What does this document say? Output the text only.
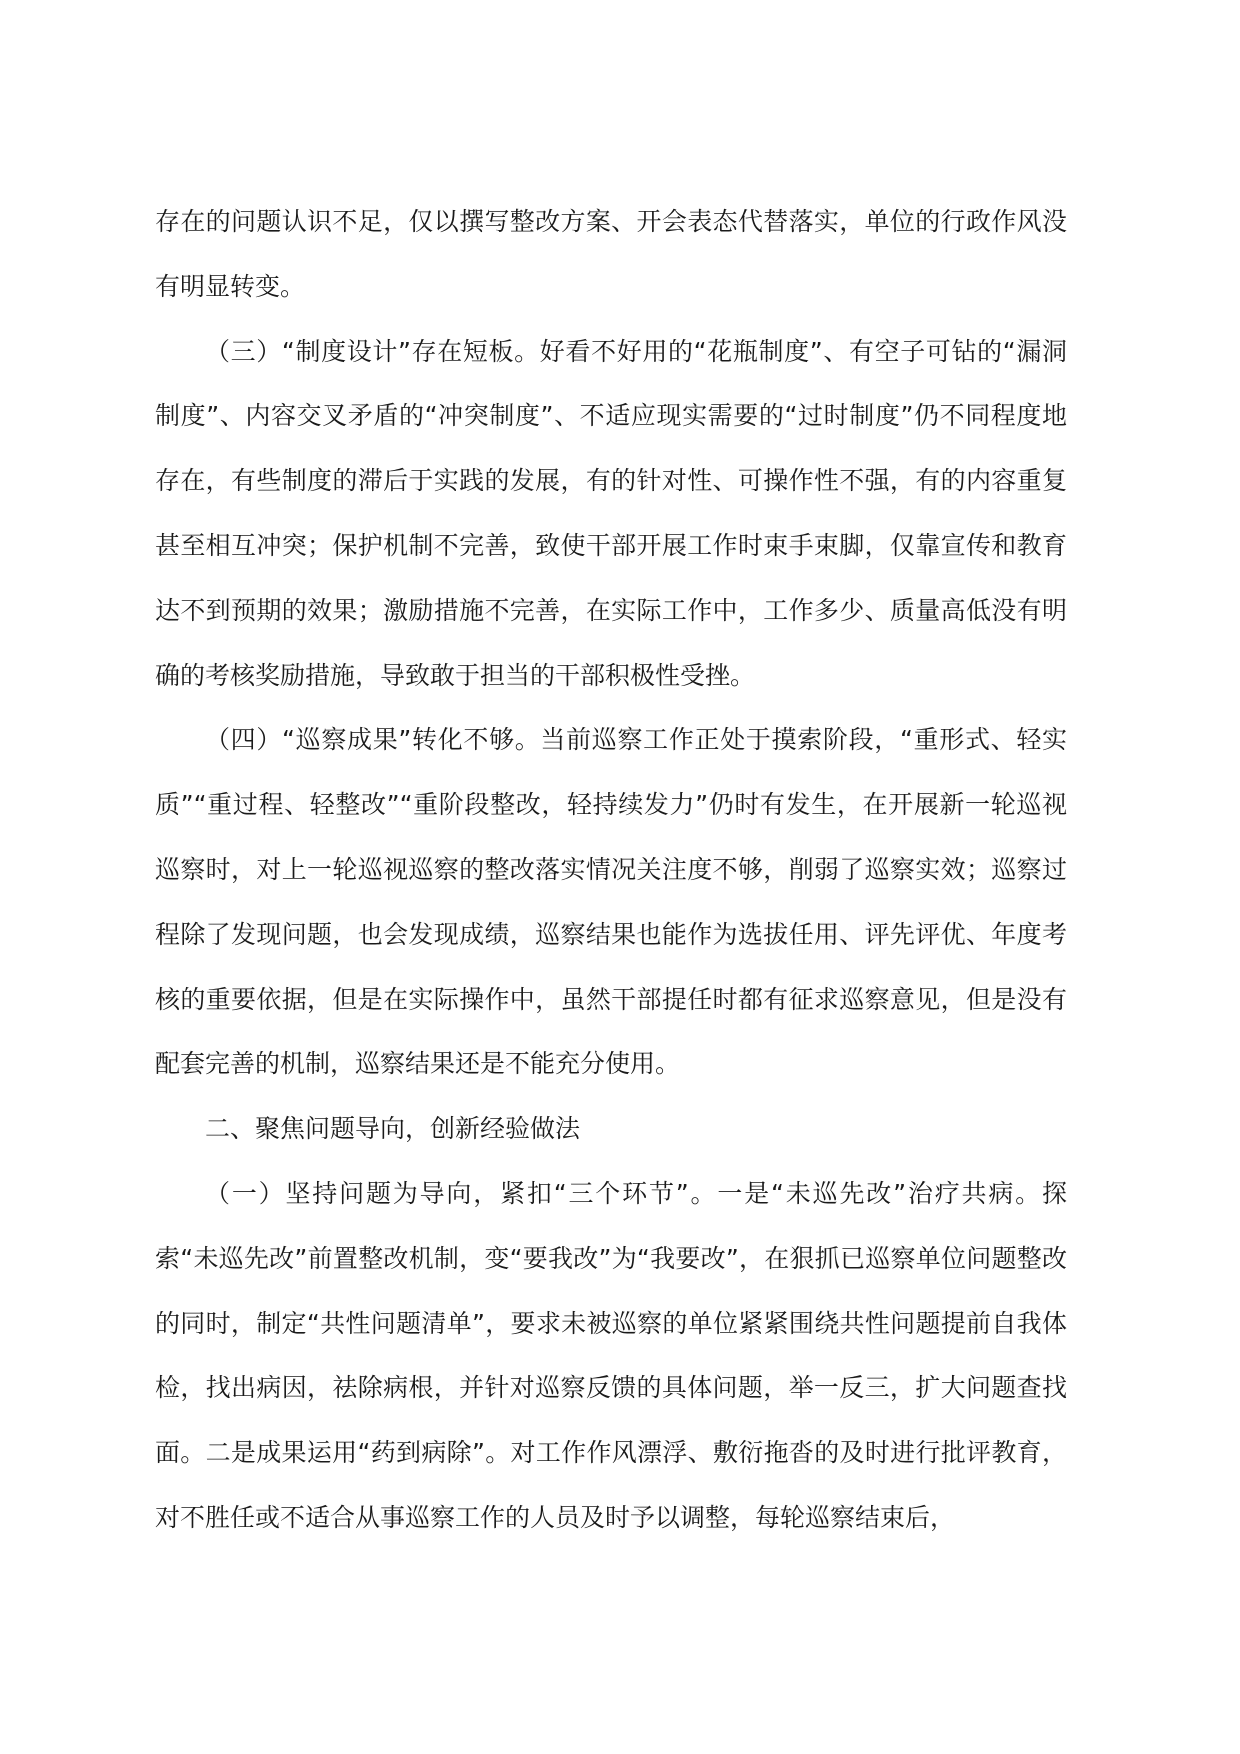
存在的问题认识不足，仅以撰写整改方案、开会表态代替落实，单位的行政作风没有明显转变。

（三）“制度设计”存在短板。好看不好用的“花瓶制度”、有空子可钻的“漏洞制度”、内容交叉矛盾的“冲突制度”、不适应现实需要的“过时制度”仍不同程度地存在，有些制度的滞后于实践的发展，有的针对性、可操作性不强，有的内容重复甚至相互冲突；保护机制不完善，致使干部开展工作时束手束脚，仅靠宣传和教育达不到预期的效果；激励措施不完善，在实际工作中，工作多少、质量高低没有明确的考核奖励措施，导致敢于担当的干部积极性受挫。

（四）“巡察成果”转化不够。当前巡察工作正处于摸索阶段，“重形式、轻实质”“重过程、轻整改”“重阶段整改，轻持续发力”仍时有发生，在开展新一轮巡视巡察时，对上一轮巡视巡察的整改落实情况关注度不够，削弱了巡察实效；巡察过程除了发现问题，也会发现成绩，巡察结果也能作为选拔任用、评先评优、年度考核的重要依据，但是在实际操作中，虽然干部提任时都有征求巡察意见，但是没有配套完善的机制，巡察结果还是不能充分使用。

二、聚焦问题导向，创新经验做法

（一）坚持问题为导向，紧扣“三个环节”。一是“未巡先改”治疗共病。探索“未巡先改”前置整改机制，变“要我改”为“我要改”，在狠抓已巡察单位问题整改的同时，制定“共性问题清单”，要求未被巡察的单位紧紧围绕共性问题提前自我体检，找出病因，祛除病根，并针对巡察反馈的具体问题，举一反三，扩大问题查找面。二是成果运用“药到病除”。对工作作风漂浮、敷衍拖沓的及时进行批评教育，对不胜任或不适合从事巡察工作的人员及时予以调整，每轮巡察结束后，
